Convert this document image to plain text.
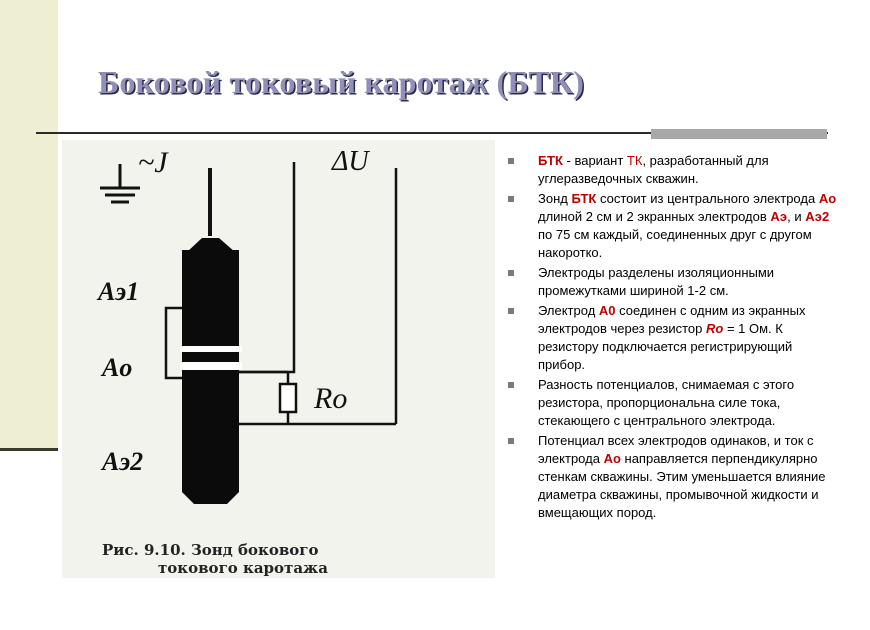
Боковой токовый каротаж (БТК)
~J	ΔU
Aэ1
Ao
Ro
Aэ2
Рис. 9.10. Зонд бокового
токового каротажа
БТК - вариант ТК, разработанный для углеразведочных скважин.
Зонд БТК состоит из центрального электрода Ао длиной 2 см и 2 экранных электродов Аэ, и Аэ2 по 75 см каждый, соединенных друг с другом накоротко.
Электроды разделены изоляционными промежутками шириной 1-2 см.
Электрод А0 соединен с одним из экранных электродов через резистор Ro = 1 Ом. К резистору подключается регистрирующий прибор.
Разность потенциалов, снимаемая с этого резистора, пропорциональна силе тока, стекающего с центрального электрода.
Потенциал всех электродов одинаков, и ток с электрода Ао направляется перпендикулярно стенкам скважины. Этим уменьшается влияние диаметра скважины, промывочной жидкости и вмещающих пород.
